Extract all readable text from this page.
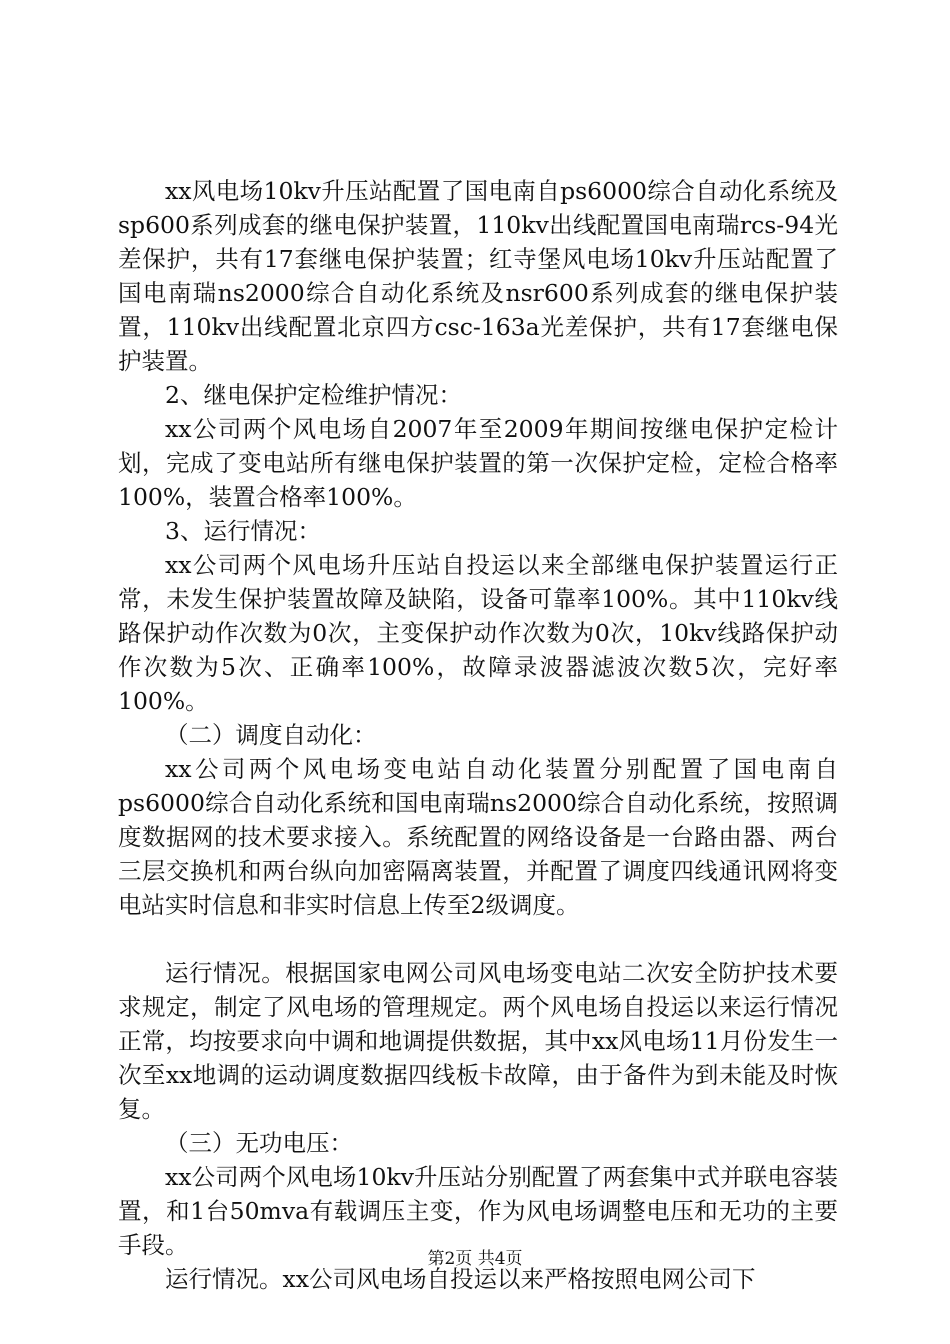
xx风电场10kv升压站配置了国电南自ps6000综合自动化系统及sp600系列成套的继电保护装置，110kv出线配置国电南瑞rcs-94光差保护，共有17套继电保护装置；红寺堡风电场10kv升压站配置了国电南瑞ns2000综合自动化系统及nsr600系列成套的继电保护装置，110kv出线配置北京四方csc-163a光差保护，共有17套继电保护装置。

2、继电保护定检维护情况：

xx公司两个风电场自2007年至2009年期间按继电保护定检计划，完成了变电站所有继电保护装置的第一次保护定检，定检合格率100%，装置合格率100%。

3、运行情况：

xx公司两个风电场升压站自投运以来全部继电保护装置运行正常，未发生保护装置故障及缺陷，设备可靠率100%。其中110kv线路保护动作次数为0次，主变保护动作次数为0次，10kv线路保护动作次数为5次、正确率100%，故障录波器滤波次数5次，完好率100%。

（二）调度自动化：

xx公司两个风电场变电站自动化装置分别配置了国电南自ps6000综合自动化系统和国电南瑞ns2000综合自动化系统，按照调度数据网的技术要求接入。系统配置的网络设备是一台路由器、两台三层交换机和两台纵向加密隔离装置，并配置了调度四线通讯网将变电站实时信息和非实时信息上传至2级调度。

运行情况。根据国家电网公司风电场变电站二次安全防护技术要求规定，制定了风电场的管理规定。两个风电场自投运以来运行情况正常，均按要求向中调和地调提供数据，其中xx风电场11月份发生一次至xx地调的运动调度数据四线板卡故障，由于备件为到未能及时恢复。

（三）无功电压：

xx公司两个风电场10kv升压站分别配置了两套集中式并联电容装置，和1台50mva有载调压主变，作为风电场调整电压和无功的主要手段。

运行情况。xx公司风电场自投运以来严格按照电网公司下

第2页 共4页
